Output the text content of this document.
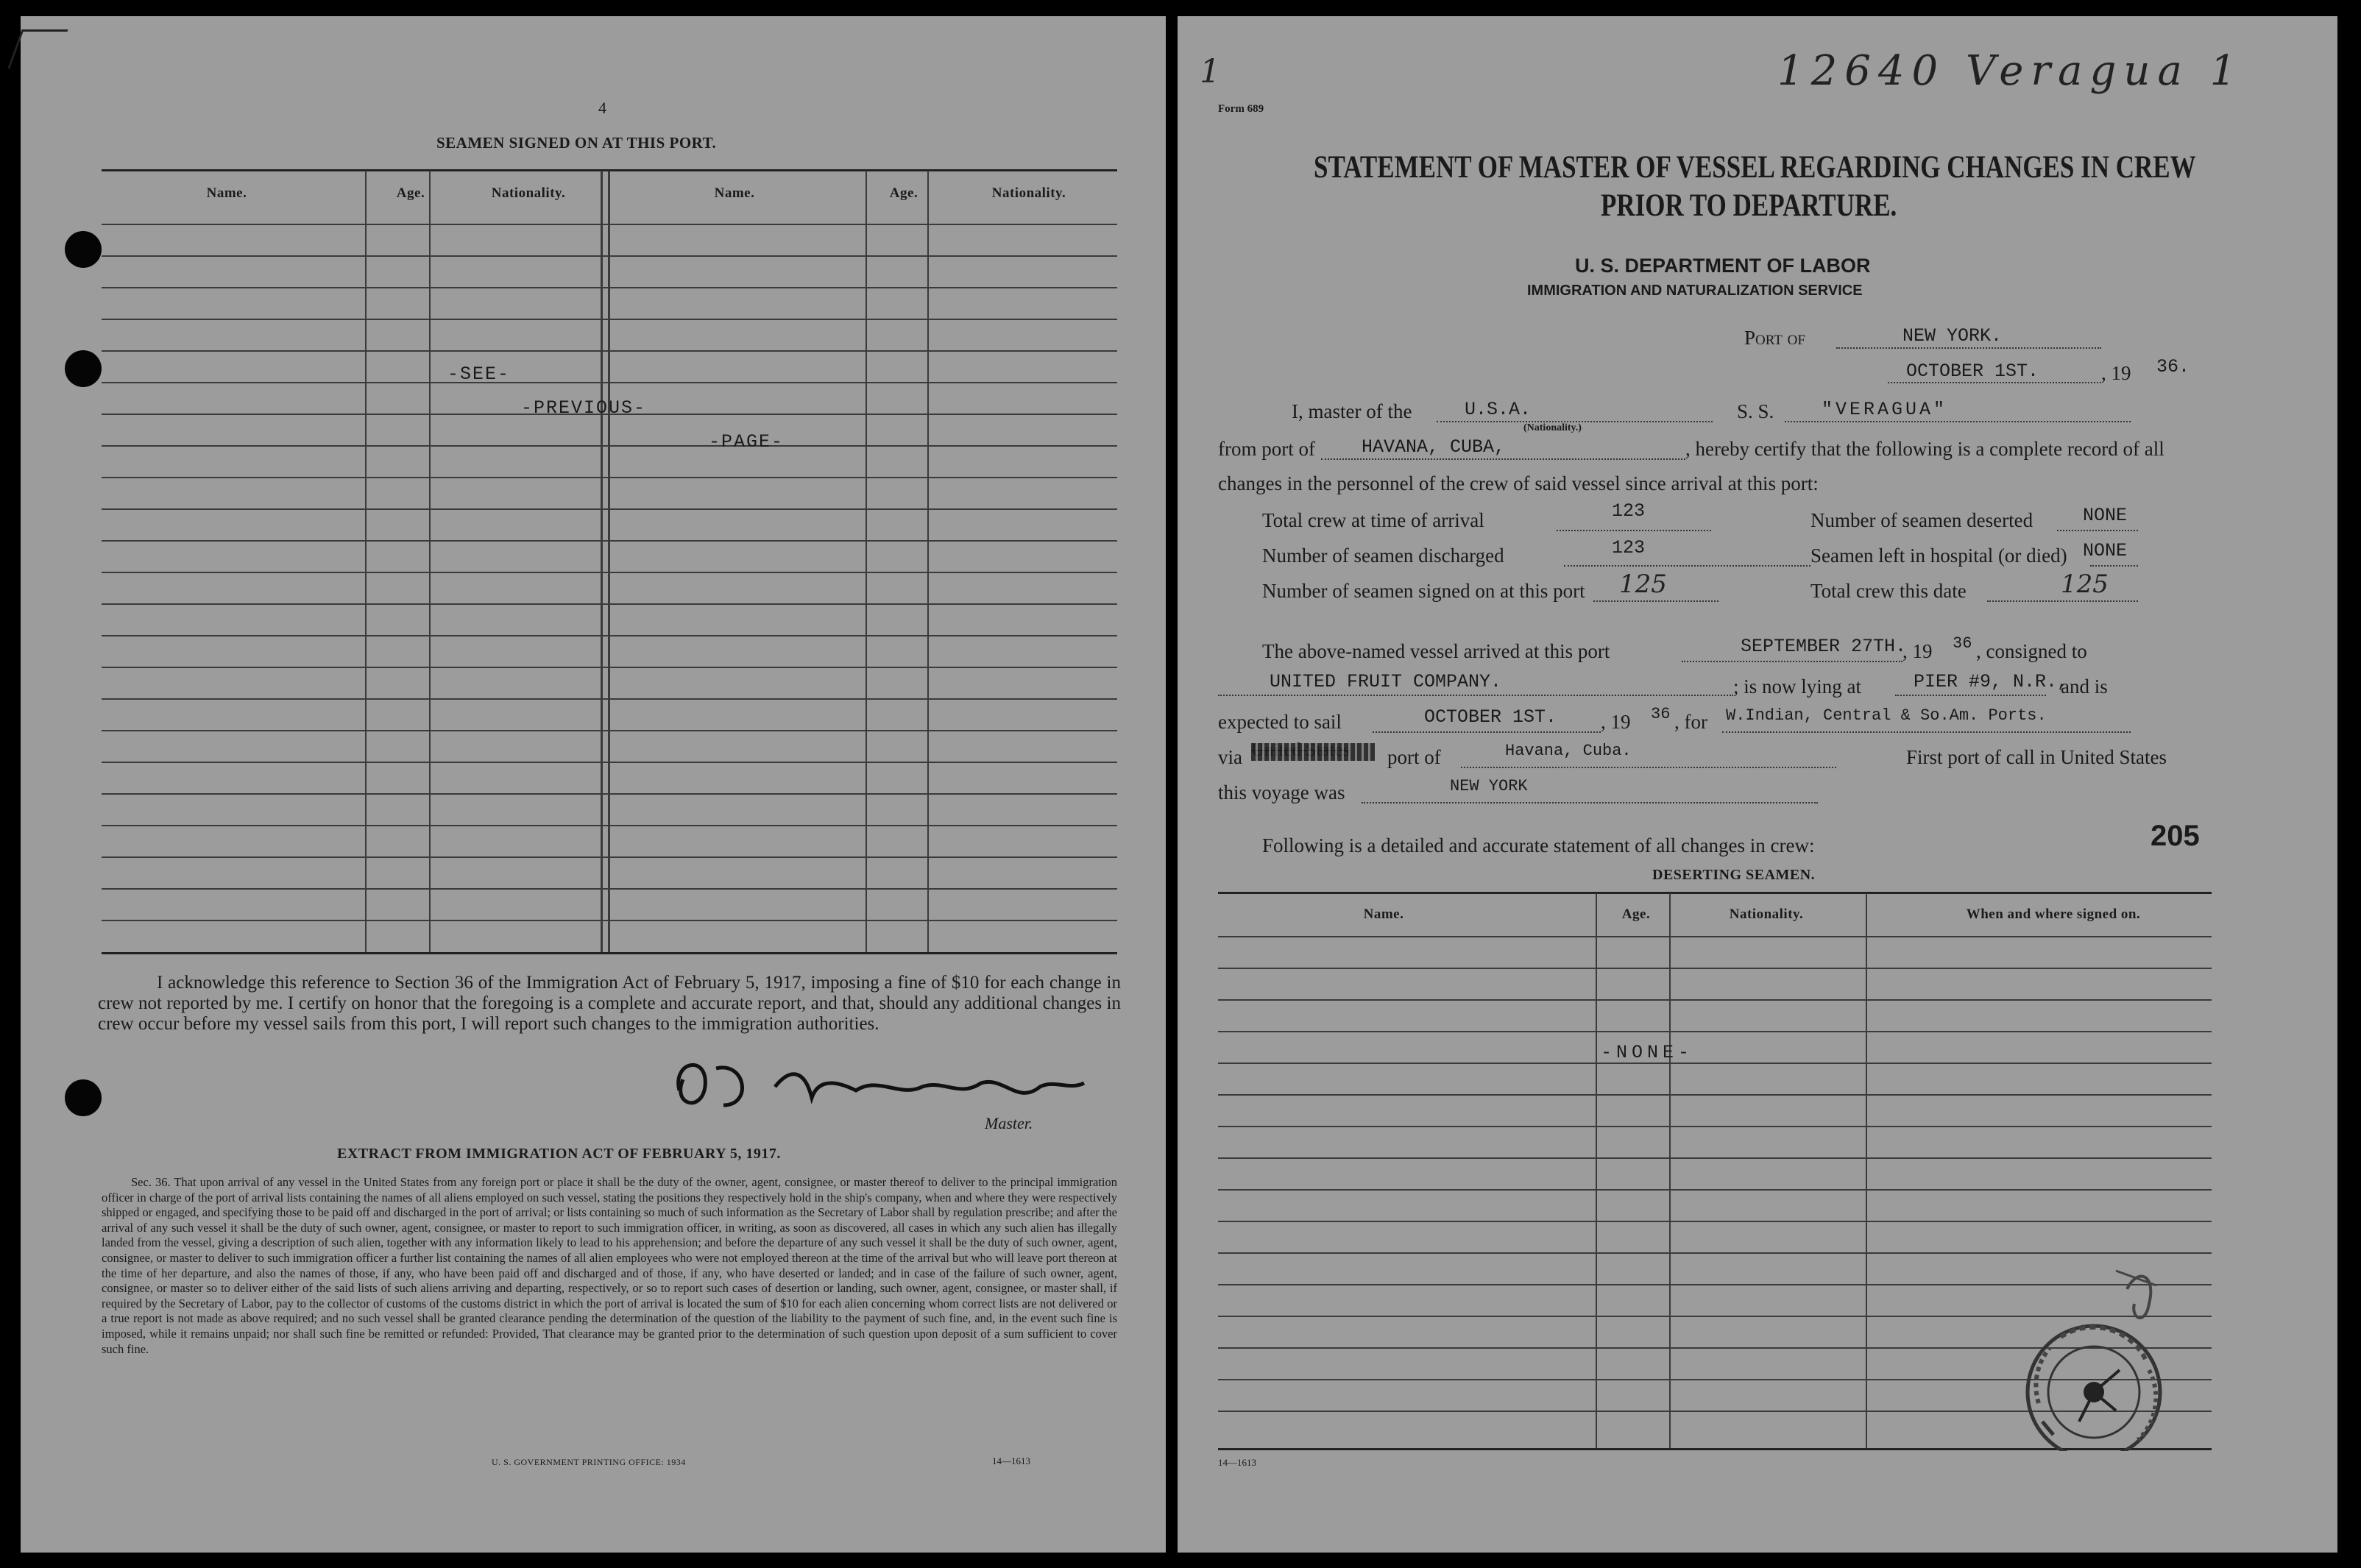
4
SEAMEN SIGNED ON AT THIS PORT.
Name.	Age.	Nationality.	Name.	Age.	Nationality.
-SEE-
-PREVIOUS-
-PAGE-
I acknowledge this reference to Section 36 of the Immigration Act of February 5, 1917, imposing a fine of $10 for each change in crew not reported by me. I certify on honor that the foregoing is a complete and accurate report, and that, should any additional changes in crew occur before my vessel sails from this port, I will report such changes to the immigration authorities.
Master.
EXTRACT FROM IMMIGRATION ACT OF FEBRUARY 5, 1917.
Sec. 36. That upon arrival of any vessel in the United States from any foreign port or place it shall be the duty of the owner, agent, consignee, or master thereof to deliver to the principal immigration officer in charge of the port of arrival lists containing the names of all aliens employed on such vessel, stating the positions they respectively hold in the ship's company, when and where they were respectively shipped or engaged, and specifying those to be paid off and discharged in the port of arrival; or lists containing so much of such information as the Secretary of Labor shall by regulation prescribe; and after the arrival of any such vessel it shall be the duty of such owner, agent, consignee, or master to report to such immigration officer, in writing, as soon as discovered, all cases in which any such alien has illegally landed from the vessel, giving a description of such alien, together with any information likely to lead to his apprehension; and before the departure of any such vessel it shall be the duty of such owner, agent, consignee, or master to deliver to such immigration officer a further list containing the names of all alien employees who were not employed thereon at the time of the arrival but who will leave port thereon at the time of her departure, and also the names of those, if any, who have been paid off and discharged and of those, if any, who have deserted or landed; and in case of the failure of such owner, agent, consignee, or master so to deliver either of the said lists of such aliens arriving and departing, respectively, or so to report such cases of desertion or landing, such owner, agent, consignee, or master shall, if required by the Secretary of Labor, pay to the collector of customs of the customs district in which the port of arrival is located the sum of $10 for each alien concerning whom correct lists are not delivered or a true report is not made as above required; and no such vessel shall be granted clearance pending the determination of the question of the liability to the payment of such fine, and, in the event such fine is imposed, while it remains unpaid; nor shall such fine be remitted or refunded: Provided, That clearance may be granted prior to the determination of such question upon deposit of a sum sufficient to cover such fine.
U. S. GOVERNMENT PRINTING OFFICE: 1934	14—1613
1	12640 Veragua 1
Form 689
STATEMENT OF MASTER OF VESSEL REGARDING CHANGES IN CREW
PRIOR TO DEPARTURE.
U. S. DEPARTMENT OF LABOR
IMMIGRATION AND NATURALIZATION SERVICE
Port of	NEW YORK.
OCTOBER 1ST.	, 19 36.
I, master of the	U.S.A.
(Nationality.)
S. S.	"VERAGUA"
from port of	HAVANA, CUBA,	, hereby certify that the following is a complete record of all
changes in the personnel of the crew of said vessel since arrival at this port:
Total crew at time of arrival	123	Number of seamen deserted	NONE
Number of seamen discharged	123	Seamen left in hospital (or died) NONE
Number of seamen signed on at this port 125	Total crew this date	125
The above-named vessel arrived at this port	SEPTEMBER 27TH.
, 19 36 , consigned to
UNITED FRUIT COMPANY.	; is now lying at	PIER #9, N.R.,
and is
expected to sail	OCTOBER 1ST. , 19 36 , for W.Indian, Central & So.Am. Ports.
via	port of	Havana, Cuba.	First port of call in United States
this voyage was	NEW YORK
Following is a detailed and accurate statement of all changes in crew:	205
DESERTING SEAMEN.
Name.	Age.	Nationality.	When and where signed on.
-NONE-
14—1613
